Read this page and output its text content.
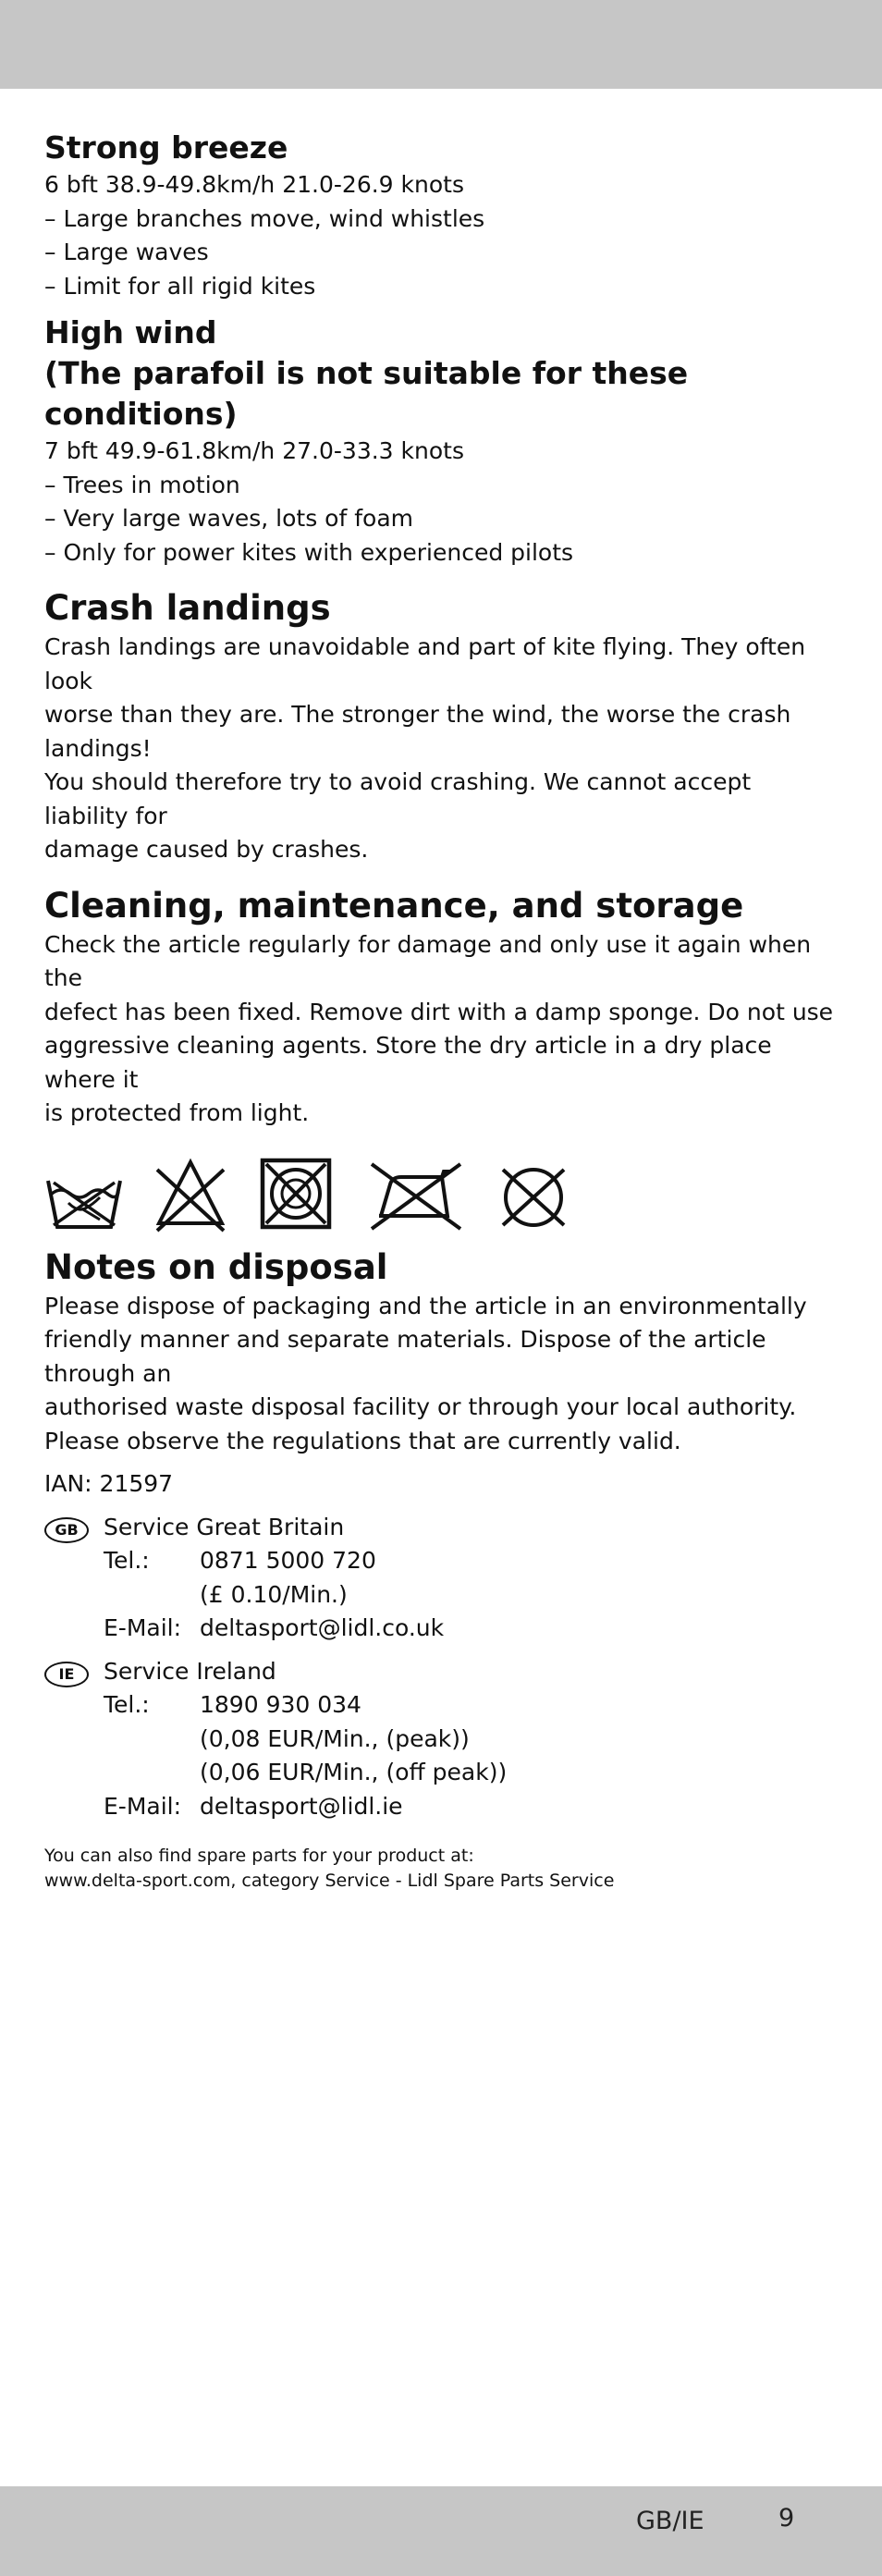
Strong breeze

6 bft 38.9-49.8km/h 21.0-26.9 knots

– Large branches move, wind whistles

– Large waves

– Limit for all rigid kites

High wind

(The parafoil is not suitable for these conditions)

7 bft 49.9-61.8km/h 27.0-33.3 knots

– Trees in motion

– Very large waves, lots of foam

– Only for power kites with experienced pilots

Crash landings

Crash landings are unavoidable and part of kite flying. They often look

worse than they are. The stronger the wind, the worse the crash landings!

You should therefore try to avoid crashing. We cannot accept liability for

damage caused by crashes.

Cleaning, maintenance, and storage

Check the article regularly for damage and only use it again when the

defect has been fixed. Remove dirt with a damp sponge. Do not use

aggressive cleaning agents. Store the dry article in a dry place where it

is protected from light.

Notes on disposal

Please dispose of packaging and the article in an environmentally

friendly manner and separate materials. Dispose of the article through an

authorised waste disposal facility or through your local authority.

Please observe the regulations that are currently valid.

IAN: 21597

GB	Service Great Britain
Tel.:	0871 5000 720
(£ 0.10/Min.)
E-Mail: deltasport@lidl.co.uk
IE	Service Ireland
Tel.:	1890 930 034
(0,08 EUR/Min., (peak))
(0,06 EUR/Min., (off peak))
E-Mail: deltasport@lidl.ie

You can also find spare parts for your product at:

www.delta-sport.com, category Service - Lidl Spare Parts Service

GB/IE	9
